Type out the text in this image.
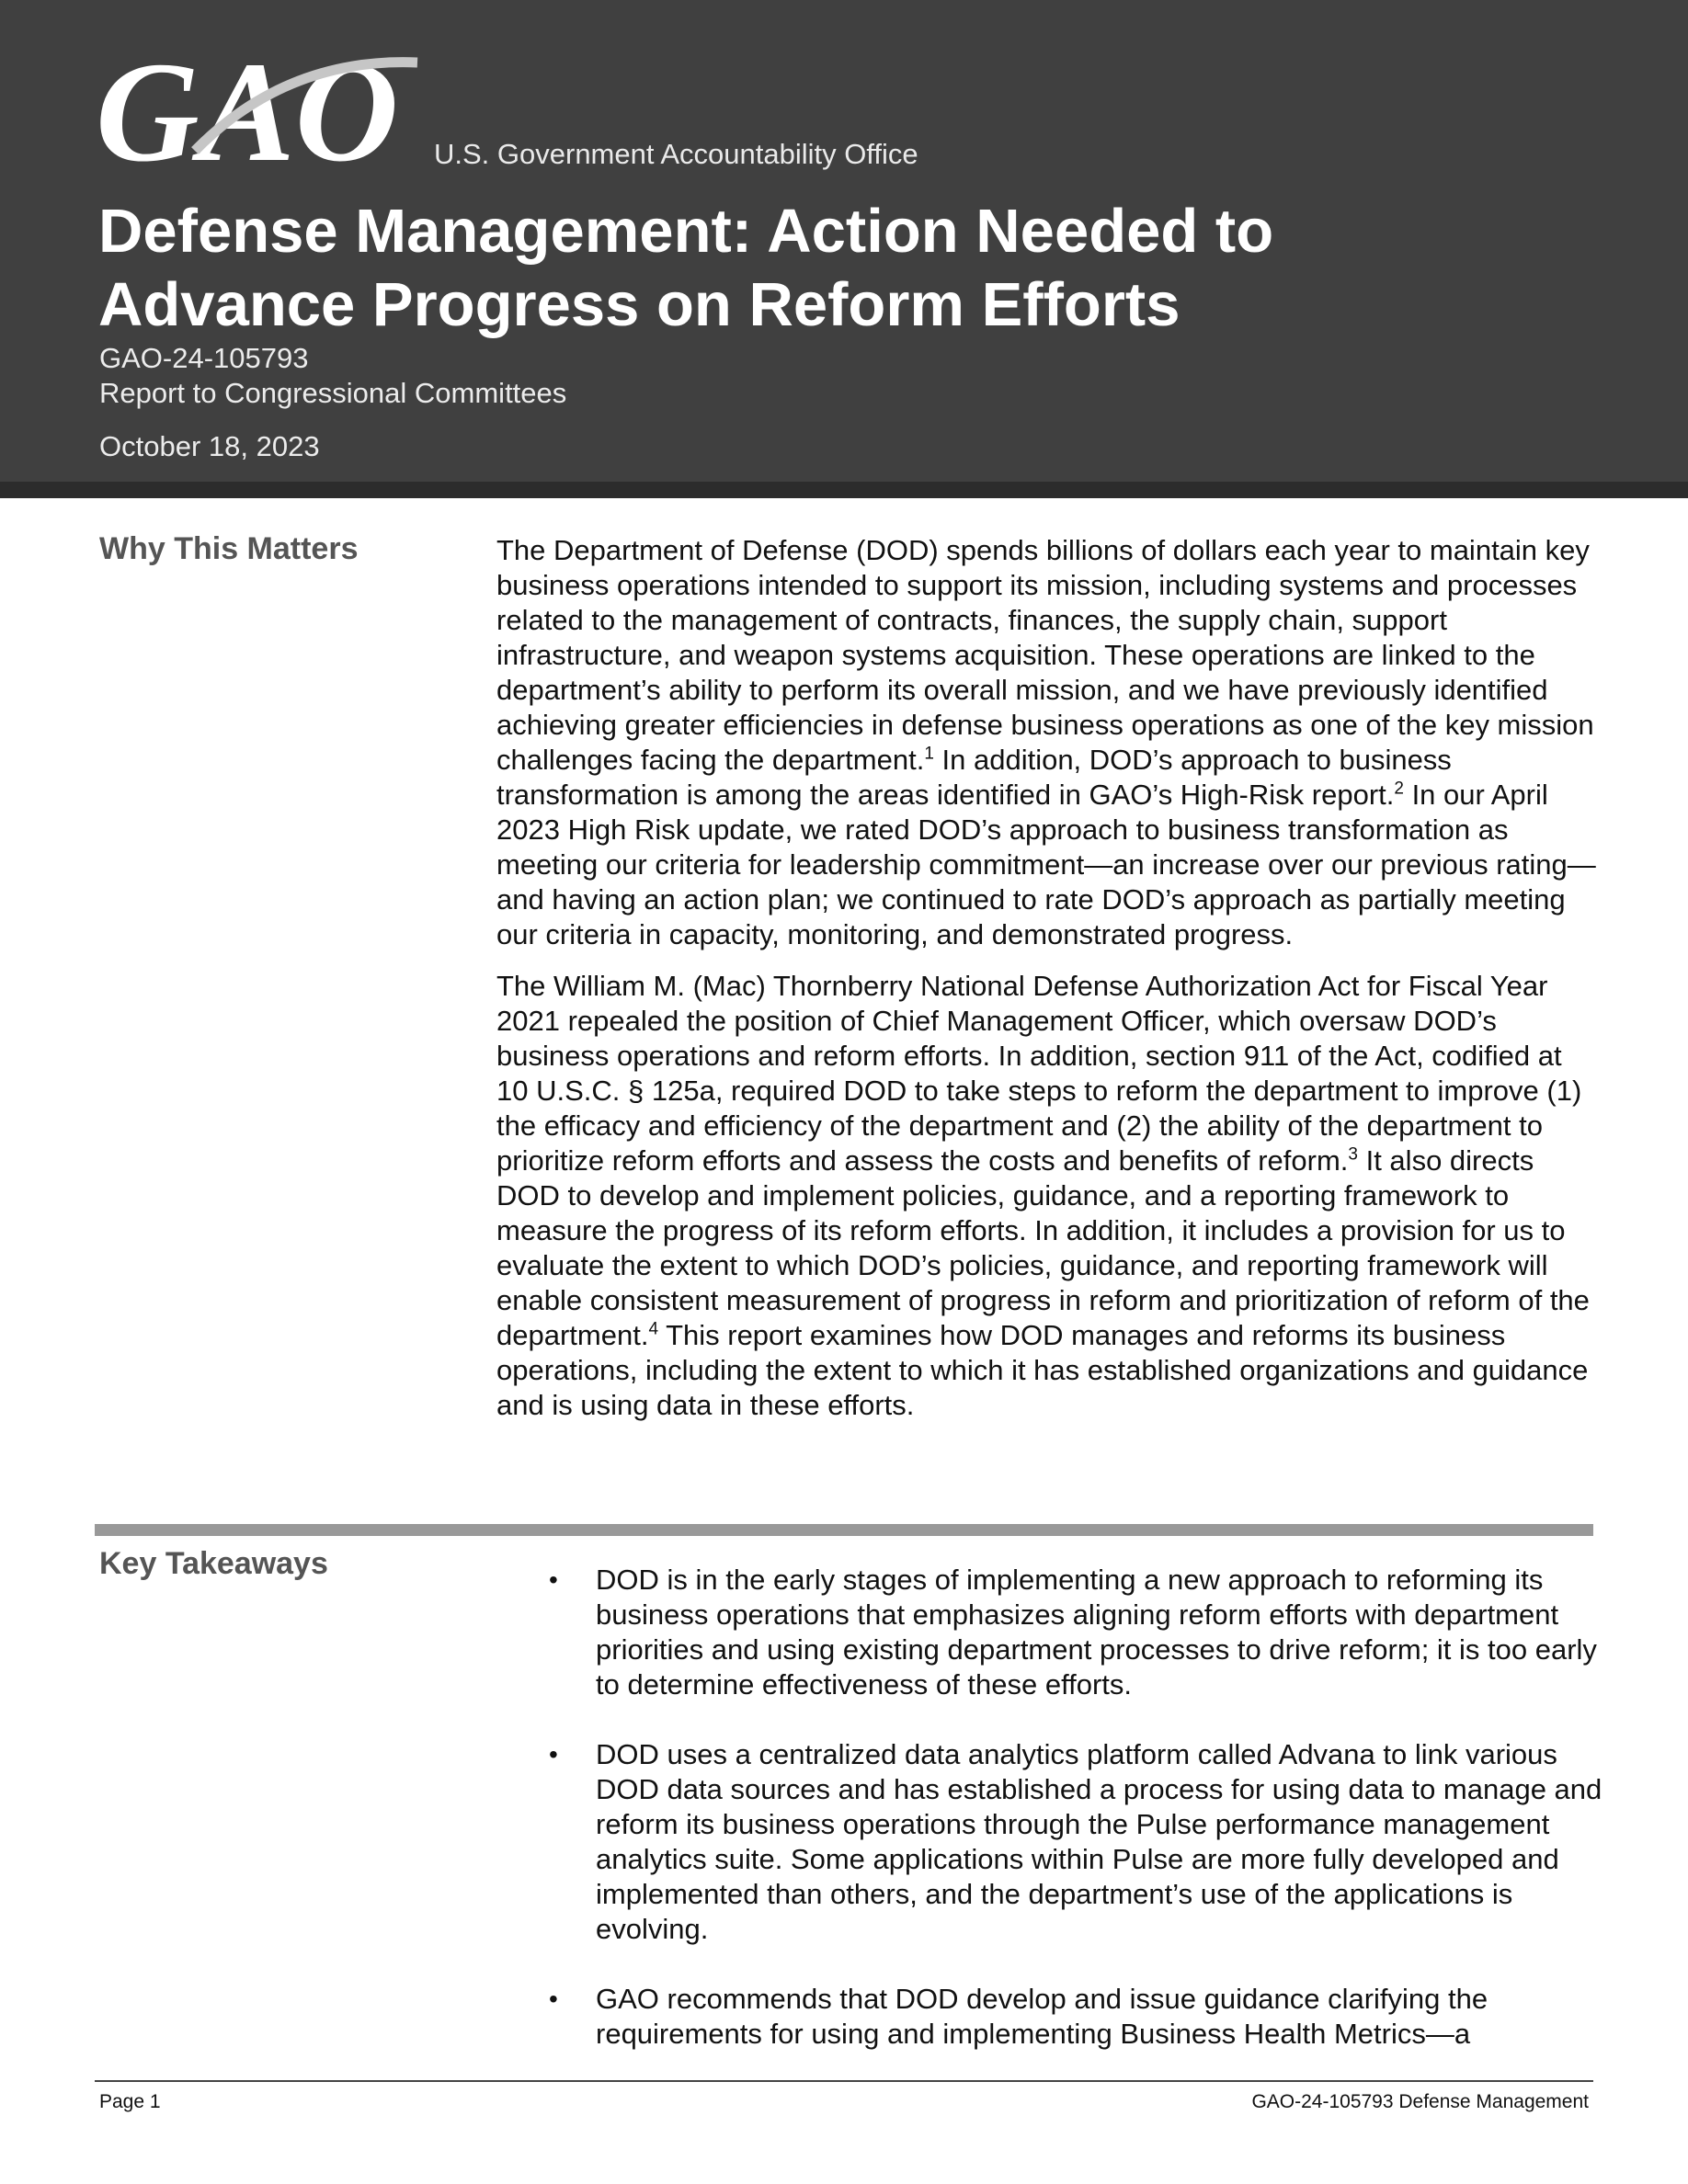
GAO U.S. Government Accountability Office
Defense Management: Action Needed to
Advance Progress on Reform Efforts
GAO-24-105793
Report to Congressional Committees
October 18, 2023
Why This Matters	The Department of Defense (DOD) spends billions of dollars each year to maintain key business operations intended to support its mission, including systems and processes related to the management of contracts, finances, the supply chain, support infrastructure, and weapon systems acquisition. These operations are linked to the department’s ability to perform its overall mission, and we have previously identified achieving greater efficiencies in defense business operations as one of the key mission challenges facing the department.$^1$ In addition, DOD’s approach to business transformation is among the areas identified in GAO’s High-Risk report.$^2$ In our April 2023 High Risk update, we rated DOD’s approach to business transformation as meeting our criteria for leadership commitment—an increase over our previous rating—and having an action plan; we continued to rate DOD’s approach as partially meeting our criteria in capacity, monitoring, and demonstrated progress.

The William M. (Mac) Thornberry National Defense Authorization Act for Fiscal Year 2021 repealed the position of Chief Management Officer, which oversaw DOD’s business operations and reform efforts. In addition, section 911 of the Act, codified at 10 U.S.C. § 125a, required DOD to take steps to reform the department to improve (1) the efficacy and efficiency of the department and (2) the ability of the department to prioritize reform efforts and assess the costs and benefits of reform.$^3$ It also directs DOD to develop and implement policies, guidance, and a reporting framework to measure the progress of its reform efforts. In addition, it includes a provision for us to evaluate the extent to which DOD’s policies, guidance, and reporting framework will enable consistent measurement of progress in reform and prioritization of reform of the department.$^4$ This report examines how DOD manages and reforms its business operations, including the extent to which it has established organizations and guidance and is using data in these efforts.

Key Takeaways	• DOD is in the early stages of implementing a new approach to reforming its business operations that emphasizes aligning reform efforts with department priorities and using existing department processes to drive reform; it is too early to determine effectiveness of these efforts.
• DOD uses a centralized data analytics platform called Advana to link various DOD data sources and has established a process for using data to manage and reform its business operations through the Pulse performance management analytics suite. Some applications within Pulse are more fully developed and implemented than others, and the department’s use of the applications is evolving.
• GAO recommends that DOD develop and issue guidance clarifying the requirements for using and implementing Business Health Metrics—a
Page 1	GAO-24-105793 Defense Management
